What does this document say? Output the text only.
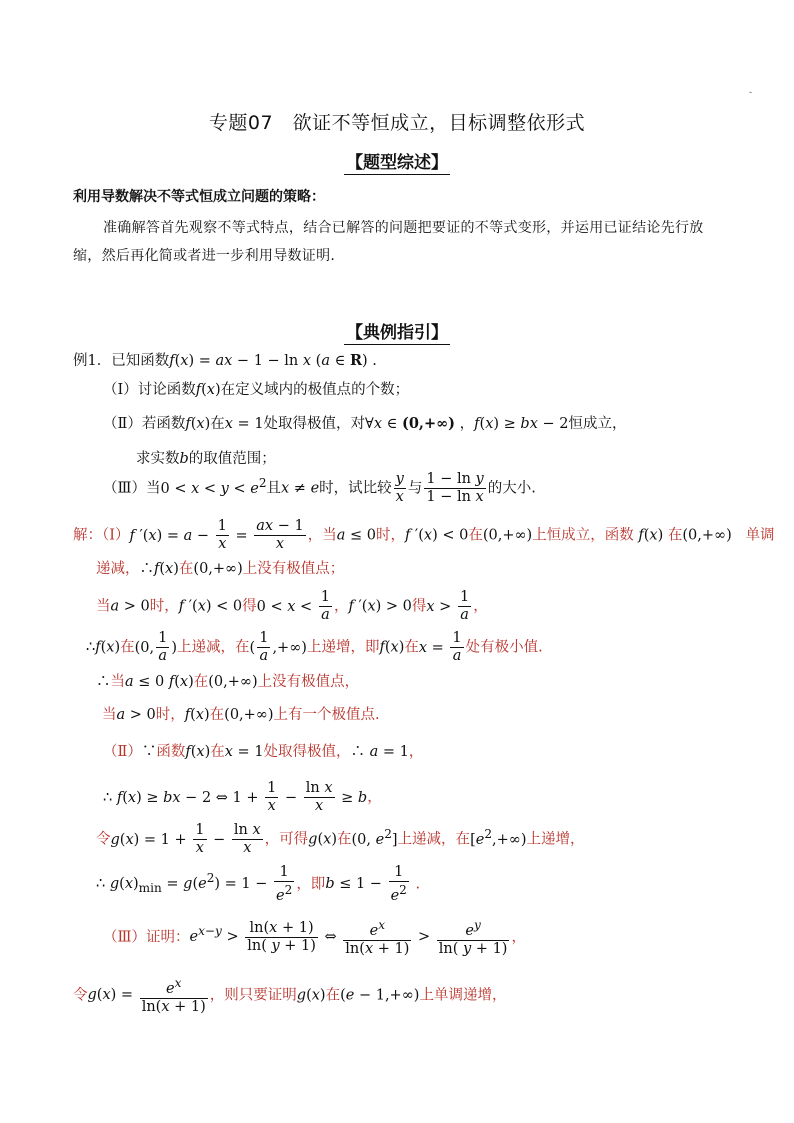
-
专题07　欲证不等恒成立，目标调整依形式
【题型综述】
利用导数解决不等式恒成立问题的策略：
准确解答首先观察不等式特点，结合已解答的问题把要证的不等式变形，并运用已证结论先行放缩，然后再化简或者进一步利用导数证明.
【典例指引】
例1．已知函数f(x) = ax − 1 − ln x (a ∈ R) .
（Ⅰ）讨论函数f(x)在定义域内的极值点的个数；
（Ⅱ）若函数f(x)在x = 1处取得极值，对∀x ∈ (0,+∞) ，f(x) ≥ bx − 2恒成立，
求实数b的取值范围；
（Ⅲ）当$0 < x < y < e^2$且x ≠ e时，试比较 $\frac{y}{x}$ 与 $\frac{\text{1 − ln y}}{\text{1 − ln x}}$ 的大小.
解：（Ⅰ）f $'(x) = a - \frac{1}{x} = \frac{ax - 1}{x}$ ，当a ≤ 0时，f ′(x) < 0在(0,+∞)上恒成立，函数 f(x) 在(0,+∞) 单调
递减，∴f(x)在(0,+∞)上没有极值点；
当a > 0时，f ′(x) < 0得$0 < x < \frac{1}{a}$ ，f ′(x) > 0得$x > \frac{1}{a}$ ，
∴f(x)在(0, $\frac{1}{a}$ )上递减，在( $\frac{1}{a}$ ,+∞)上递增，即f(x)在$x = \frac{1}{a}$ 处有极小值.
∴当a ≤ 0 f(x)在(0,+∞)上没有极值点，
当a > 0时，f(x)在(0,+∞)上有一个极值点.
（Ⅱ）∵函数f(x)在x = 1处取得极值，∴ a = 1，
∴ f(x) ≥ bx − 2 ⇔ $1 + \frac{1}{x} - \frac{\text{ln x}}{x} \ge b$，
令$g(x) = 1 + \frac{1}{x} - \frac{\text{ln x}}{x}$ ，可得g(x)在(0, $e^2$]上递减，在$[e^2,+\infty)$上递增，
∴ $g(x)_{min} = g(e^2) = 1 - \frac{1}{e^2}$ ，即$b \le 1 - \frac{1}{e^2}$ .
（Ⅲ）证明：$e^{x-y} > \frac{\ln(x + 1)}{\ln( y + 1)}$ ⇔ $\frac{e^x}{\ln(x + 1)} > \frac{e^y}{\ln( y + 1)}$ ，
令$g(x) = \frac{e^x}{\ln(x + 1)}$ ，则只要证明g(x)在(e − 1,+∞)上单调递增，
